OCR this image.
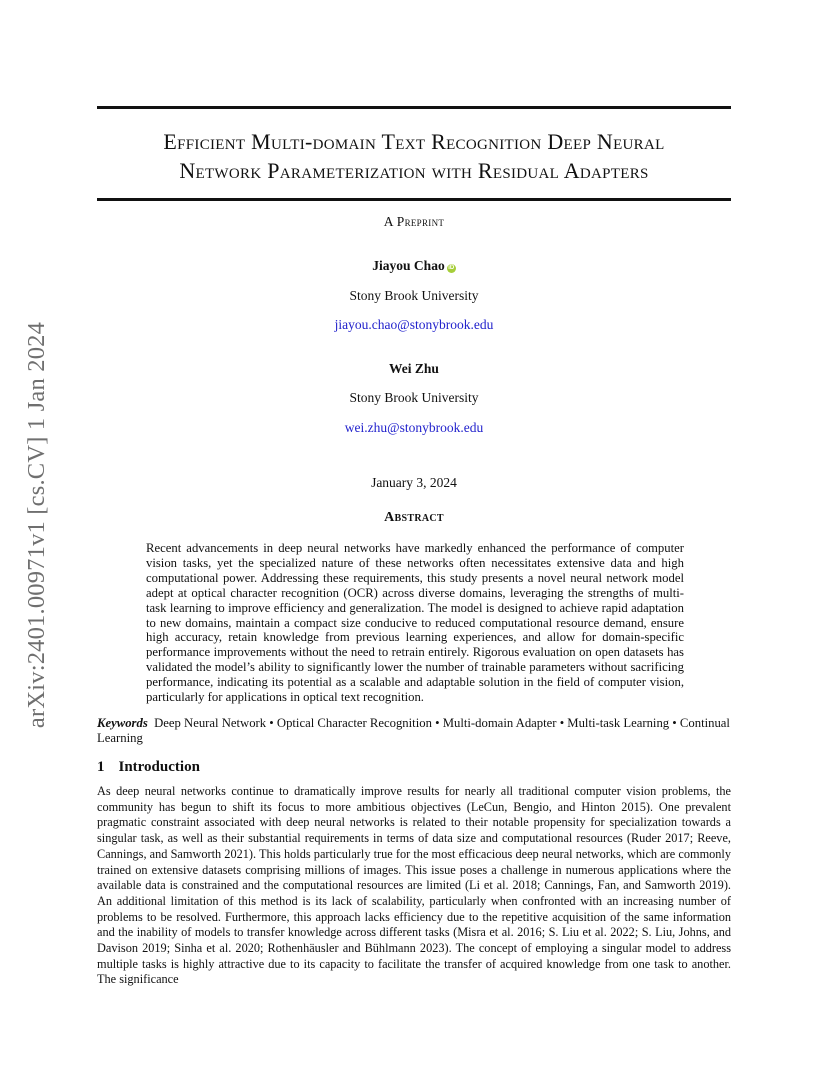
arXiv:2401.00971v1 [cs.CV] 1 Jan 2024
Efficient Multi-domain Text Recognition Deep Neural
Network Parameterization with Residual Adapters
A Preprint
Jiayou Chao iD
Stony Brook University
jiayou.chao@stonybrook.edu
Wei Zhu
Stony Brook University
wei.zhu@stonybrook.edu
January 3, 2024
Abstract

Recent advancements in deep neural networks have markedly enhanced the performance of computer vision tasks, yet the specialized nature of these networks often necessitates extensive data and high computational power. Addressing these requirements, this study presents a novel neural network model adept at optical character recognition (OCR) across diverse domains, leveraging the strengths of multi-task learning to improve efficiency and generalization. The model is designed to achieve rapid adaptation to new domains, maintain a compact size conducive to reduced computational resource demand, ensure high accuracy, retain knowledge from previous learning experiences, and allow for domain-specific performance improvements without the need to retrain entirely. Rigorous evaluation on open datasets has validated the model’s ability to significantly lower the number of trainable parameters without sacrificing performance, indicating its potential as a scalable and adaptable solution in the field of computer vision, particularly for applications in optical text recognition.

Keywords Deep Neural Network • Optical Character Recognition • Multi-domain Adapter • Multi-task Learning • Continual Learning

1 Introduction

As deep neural networks continue to dramatically improve results for nearly all traditional computer vision problems, the community has begun to shift its focus to more ambitious objectives (LeCun, Bengio, and Hinton 2015). One prevalent pragmatic constraint associated with deep neural networks is related to their notable propensity for specialization towards a singular task, as well as their substantial requirements in terms of data size and computational resources (Ruder 2017; Reeve, Cannings, and Samworth 2021). This holds particularly true for the most efficacious deep neural networks, which are commonly trained on extensive datasets comprising millions of images. This issue poses a challenge in numerous applications where the available data is constrained and the computational resources are limited (Li et al. 2018; Cannings, Fan, and Samworth 2019). An additional limitation of this method is its lack of scalability, particularly when confronted with an increasing number of problems to be resolved. Furthermore, this approach lacks efficiency due to the repetitive acquisition of the same information and the inability of models to transfer knowledge across different tasks (Misra et al. 2016; S. Liu et al. 2022; S. Liu, Johns, and Davison 2019; Sinha et al. 2020; Rothenhäusler and Bühlmann 2023). The concept of employing a singular model to address multiple tasks is highly attractive due to its capacity to facilitate the transfer of acquired knowledge from one task to another. The significance
